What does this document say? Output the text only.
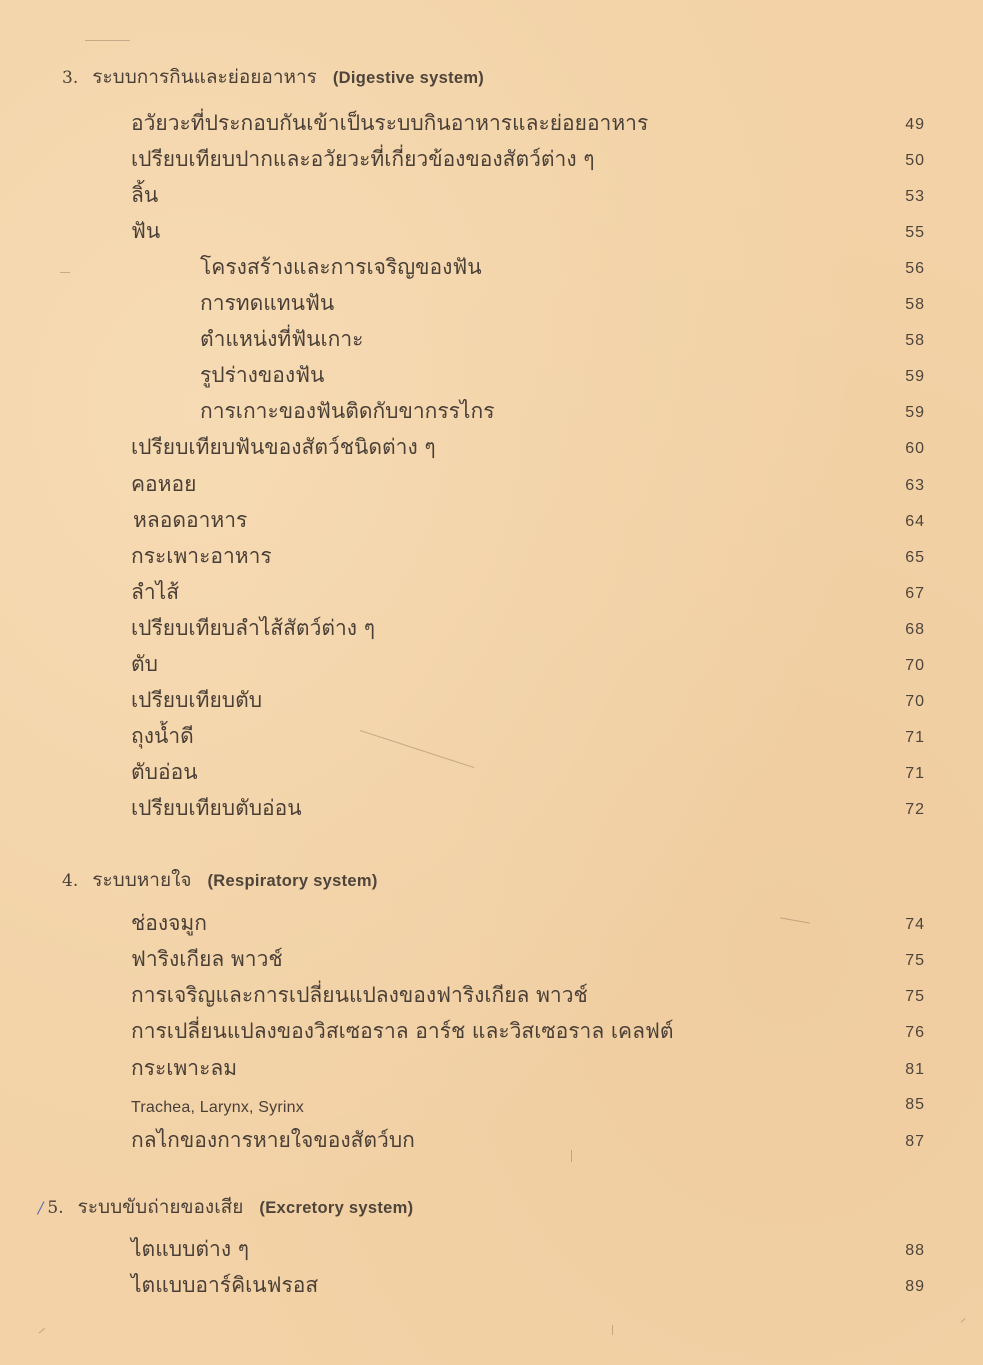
3. ระบบการกินและย่อยอาหาร (Digestive system)
อวัยวะที่ประกอบกันเข้าเป็นระบบกินอาหารและย่อยอาหาร	49
เปรียบเทียบปากและอวัยวะที่เกี่ยวข้องของสัตว์ต่าง ๆ	50
ลิ้น	53
ฟัน	55
โครงสร้างและการเจริญของฟัน	56
การทดแทนฟัน	58
ตำแหน่งที่ฟันเกาะ	58
รูปร่างของฟัน	59
การเกาะของฟันติดกับขากรรไกร	59
เปรียบเทียบฟันของสัตว์ชนิดต่าง ๆ	60
คอหอย	63
หลอดอาหาร	64
กระเพาะอาหาร	65
ลำไส้	67
เปรียบเทียบลำไส้สัตว์ต่าง ๆ	68
ตับ	70
เปรียบเทียบตับ	70
ถุงน้ำดี	71
ตับอ่อน	71
เปรียบเทียบตับอ่อน	72
4. ระบบหายใจ (Respiratory system)
ช่องจมูก	74
ฟาริงเกียล พาวช์	75
การเจริญและการเปลี่ยนแปลงของฟาริงเกียล พาวช์	75
การเปลี่ยนแปลงของวิสเซอราล อาร์ช และวิสเซอราล เคลฟต์	76
กระเพาะลม	81
Trachea, Larynx, Syrinx	85
กลไกของการหายใจของสัตว์บก	87
/ 5. ระบบขับถ่ายของเสีย (Excretory system)
ไตแบบต่าง ๆ	88
ไตแบบอาร์คิเนฟรอส	89
